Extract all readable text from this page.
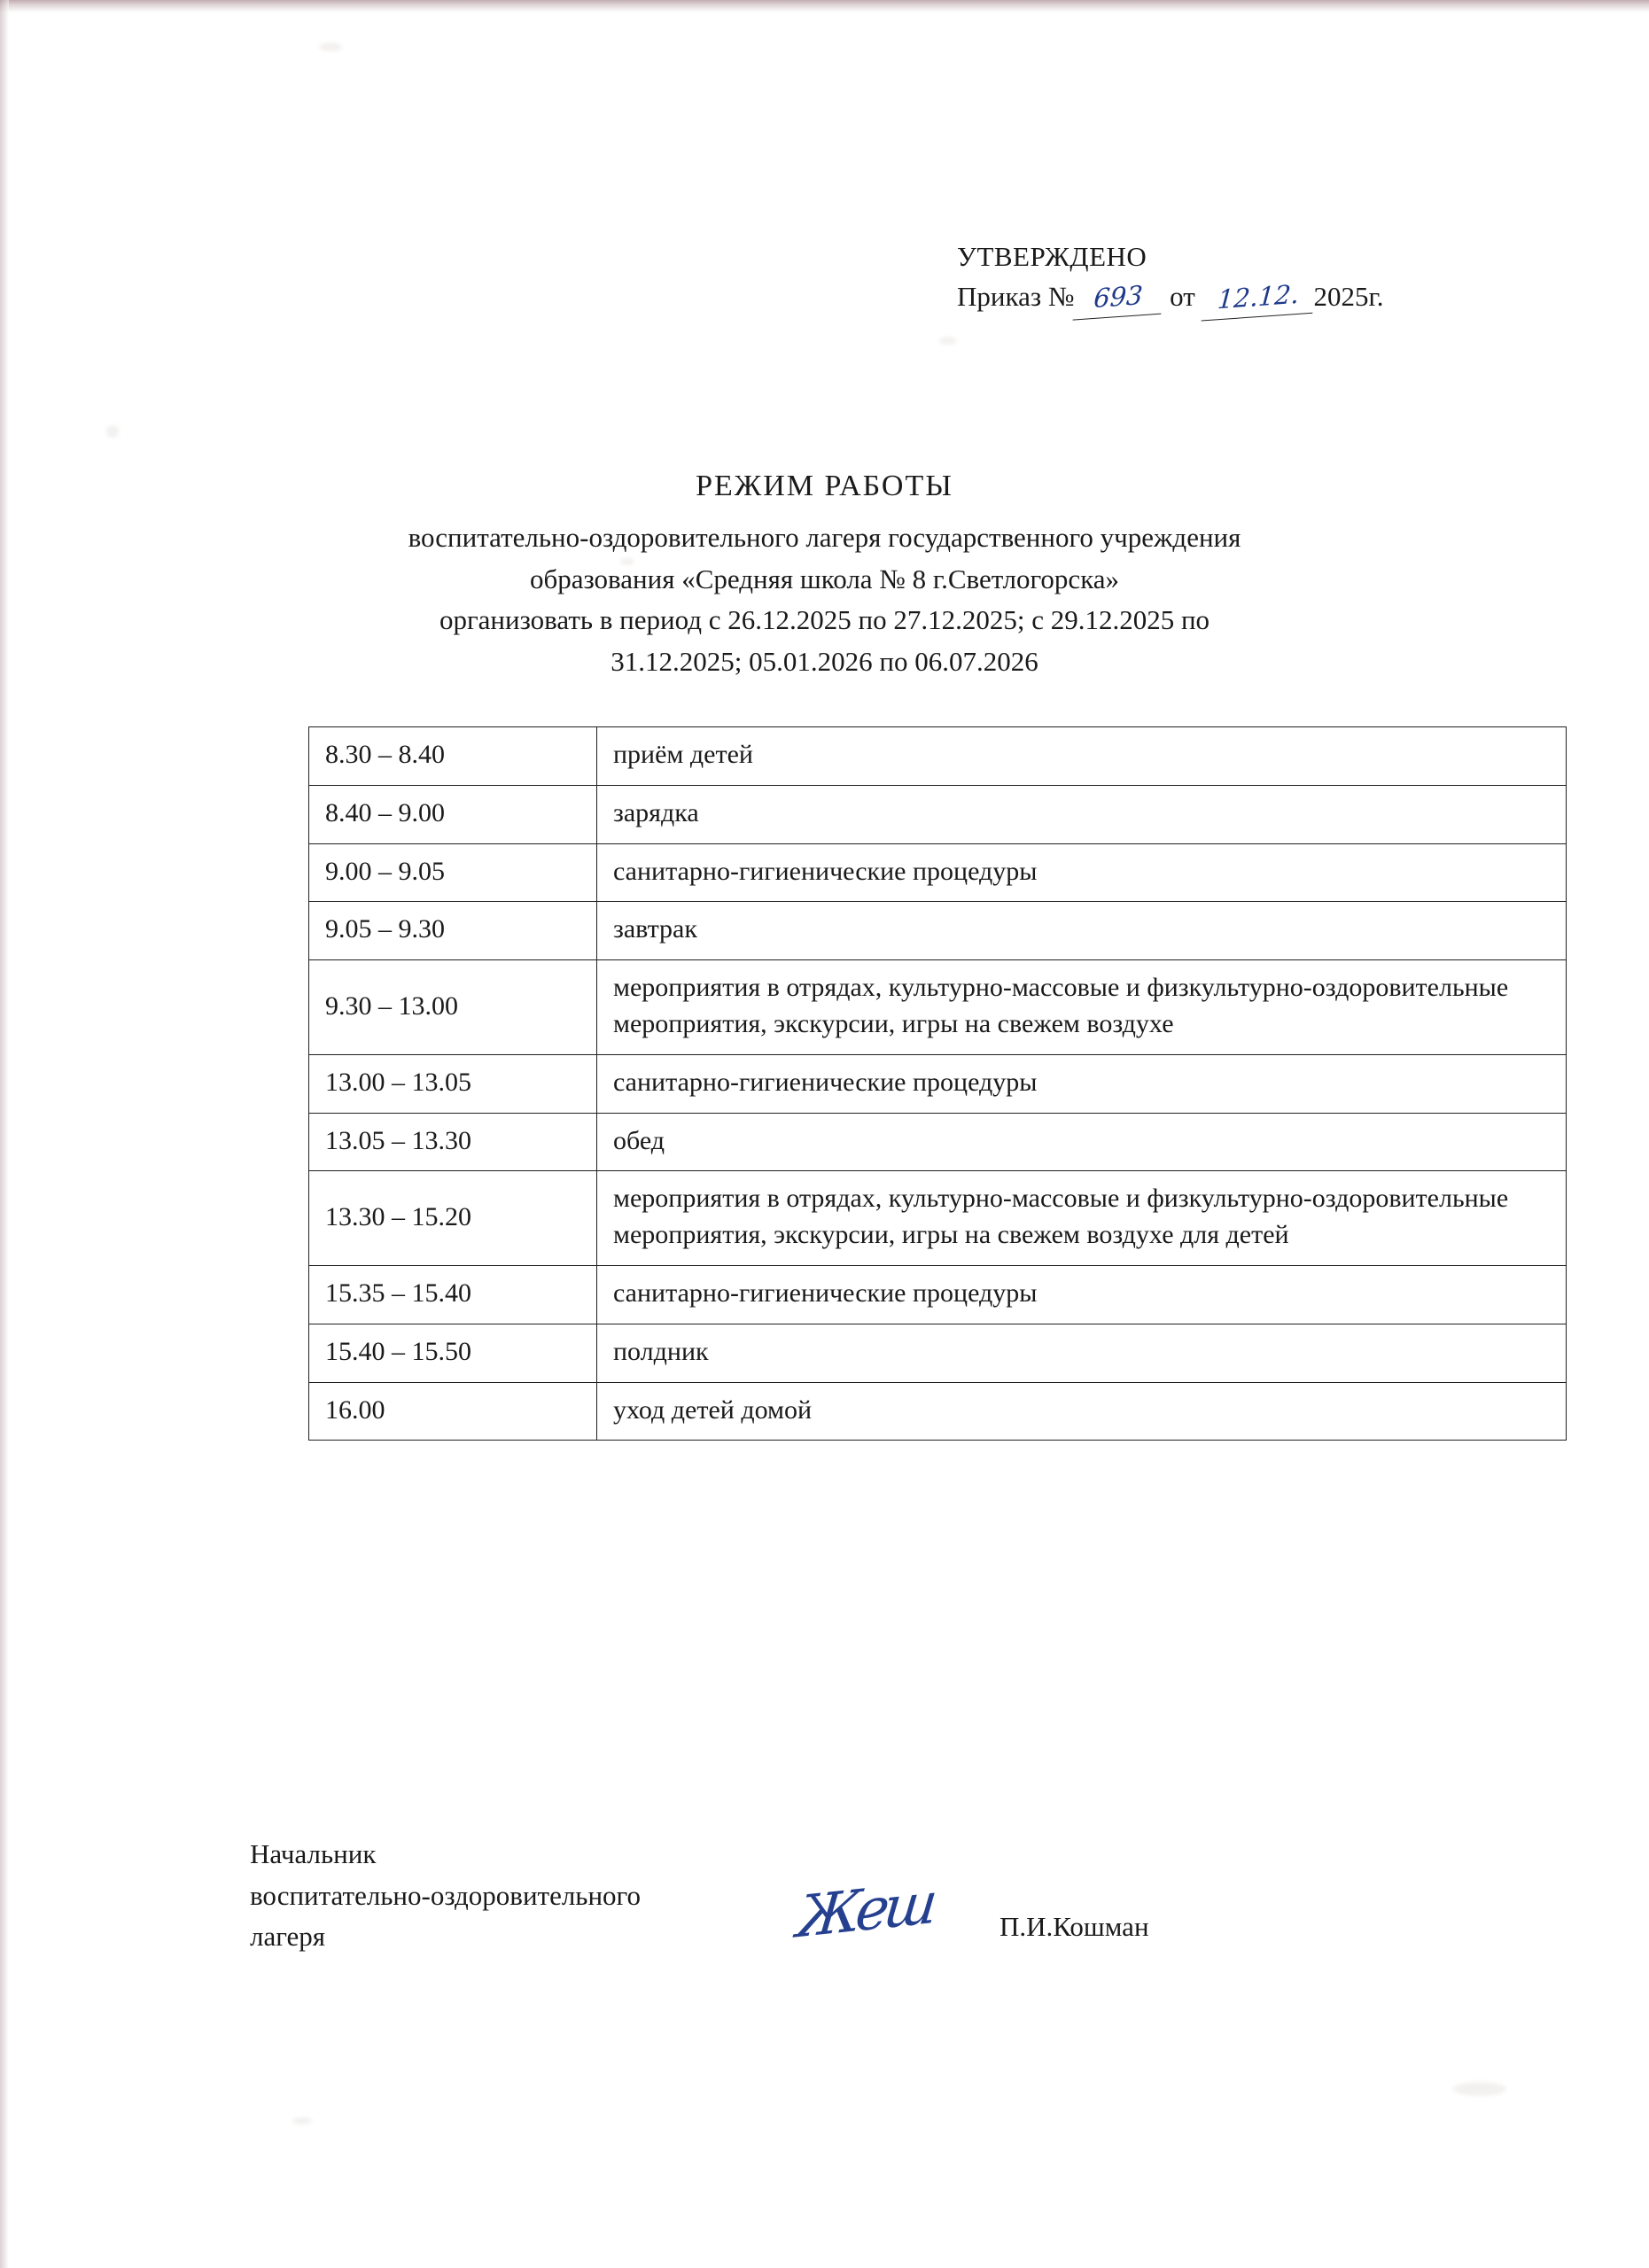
УТВЕРЖДЕНО
Приказ № 693 от 12.12. 2025г.
РЕЖИМ РАБОТЫ
воспитательно-оздоровительного лагеря государственного учреждения
образования «Средняя школа № 8 г.Светлогорска»
организовать в период с 26.12.2025 по 27.12.2025; с 29.12.2025 по
31.12.2025; 05.01.2026 по 06.07.2026
8.30 – 8.40	приём детей
8.40 – 9.00	зарядка
9.00 – 9.05	санитарно-гигиенические процедуры
9.05 – 9.30	завтрак
9.30 – 13.00	мероприятия в отрядах, культурно-массовые и физкультурно-оздоровительные мероприятия, экскурсии, игры на свежем воздухе
13.00 – 13.05	санитарно-гигиенические процедуры
13.05 – 13.30	обед
13.30 – 15.20	мероприятия в отрядах, культурно-массовые и физкультурно-оздоровительные мероприятия, экскурсии, игры на свежем воздухе для детей
15.35 – 15.40	санитарно-гигиенические процедуры
15.40 – 15.50	полдник
16.00	уход детей домой
Начальник
воспитательно-оздоровительного
лагеря	Жеш П.И.Кошман
